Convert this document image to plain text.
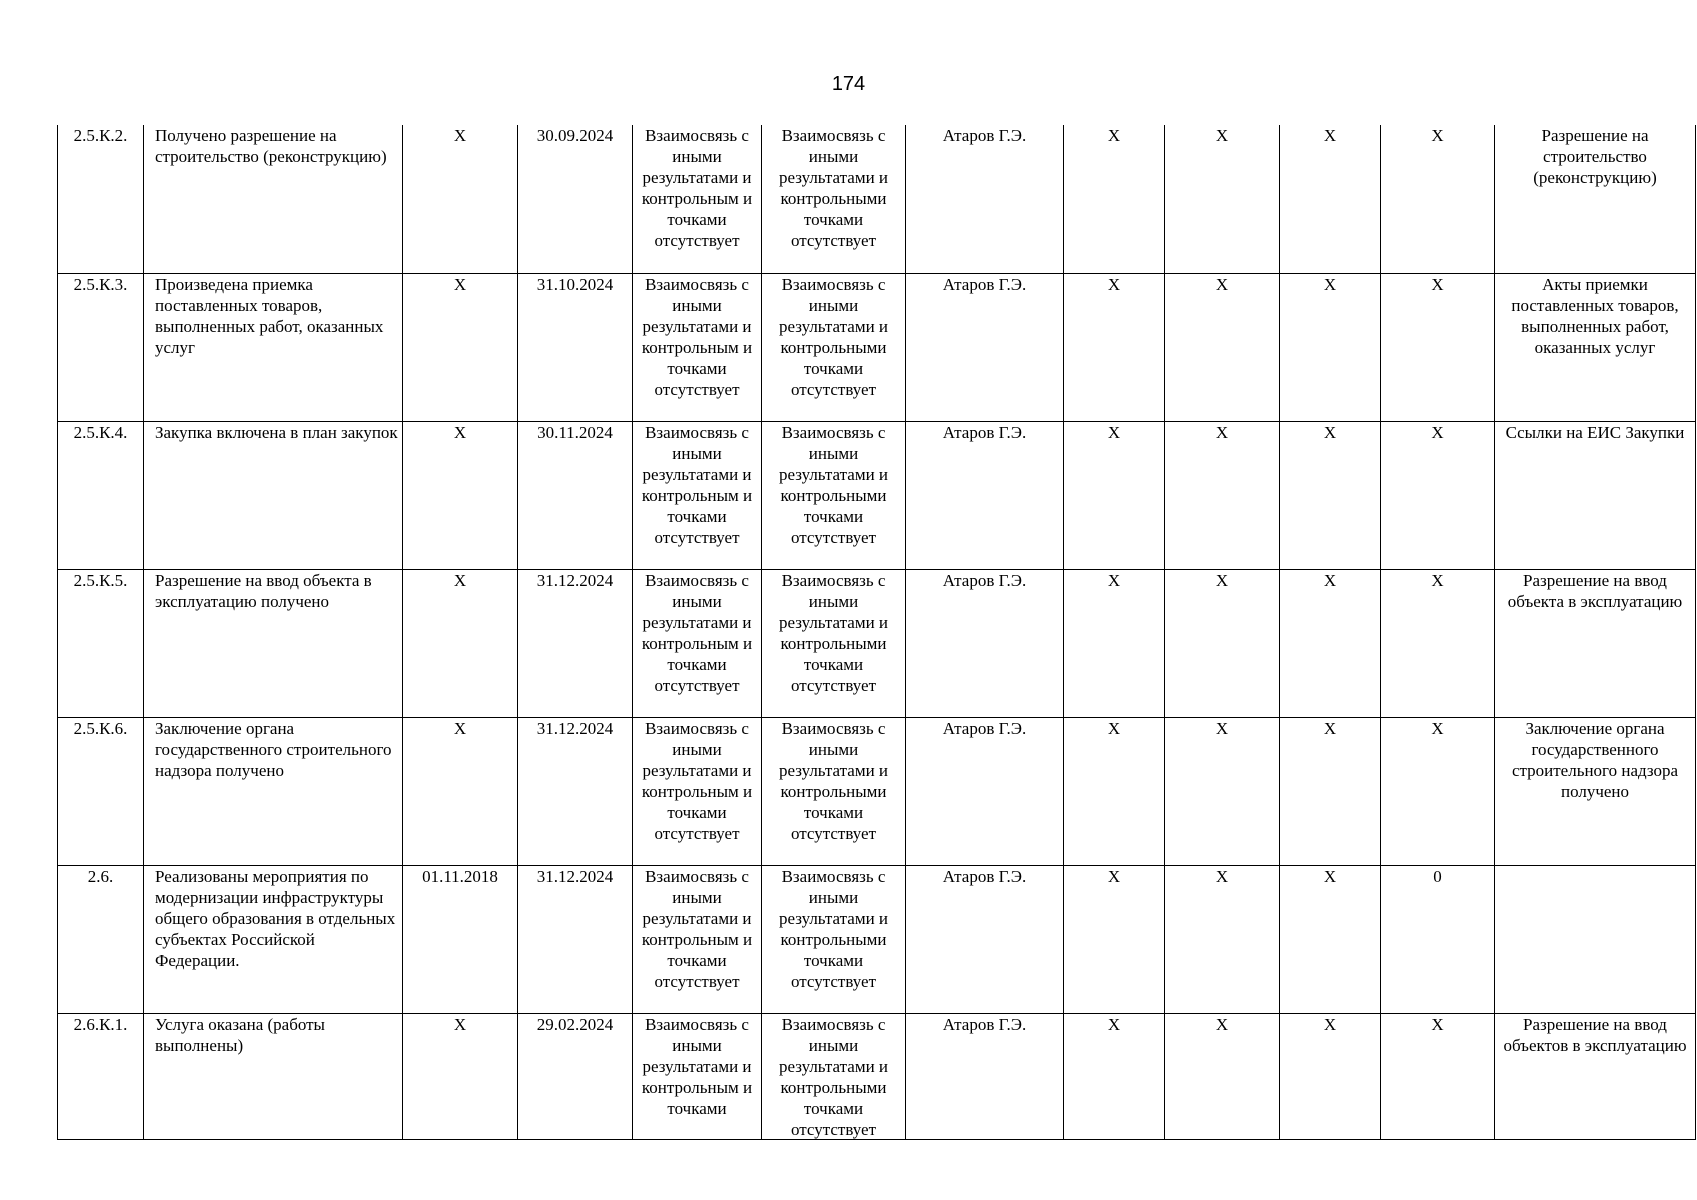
174
2.5.К.2.	Получено разрешение на строительство (реконструкцию)	X	30.09.2024	Взаимосвязь с иными результатами и контрольным и точками отсутствует	Взаимосвязь с иными результатами и контрольными точками отсутствует	Атаров Г.Э.	X	X	X	X	Разрешение на строительство (реконструкцию)

2.5.К.3.	Произведена приемка поставленных товаров, выполненных работ, оказанных услуг	X	31.10.2024	Взаимосвязь с иными результатами и контрольным и точками отсутствует	Взаимосвязь с иными результатами и контрольными точками отсутствует	Атаров Г.Э.	X	X	X	X	Акты приемки поставленных товаров, выполненных работ, оказанных услуг

2.5.К.4.	Закупка включена в план закупок	X	30.11.2024	Взаимосвязь с иными результатами и контрольным и точками отсутствует	Взаимосвязь с иными результатами и контрольными точками отсутствует	Атаров Г.Э.	X	X	X	X	Ссылки на ЕИС Закупки

2.5.К.5.	Разрешение на ввод объекта в эксплуатацию получено	X	31.12.2024	Взаимосвязь с иными результатами и контрольным и точками отсутствует	Взаимосвязь с иными результатами и контрольными точками отсутствует	Атаров Г.Э.	X	X	X	X	Разрешение на ввод объекта в эксплуатацию

2.5.К.6.	Заключение органа государственного строительного надзора получено	X	31.12.2024	Взаимосвязь с иными результатами и контрольным и точками отсутствует	Взаимосвязь с иными результатами и контрольными точками отсутствует	Атаров Г.Э.	X	X	X	X	Заключение органа государственного строительного надзора получено

2.6.	Реализованы мероприятия по модернизации инфраструктуры общего образования в отдельных субъектах Российской Федерации.	01.11.2018	31.12.2024	Взаимосвязь с иными результатами и контрольным и точками отсутствует	Взаимосвязь с иными результатами и контрольными точками отсутствует	Атаров Г.Э.	X	X	X	0	

2.6.К.1.	Услуга оказана (работы выполнены)	X	29.02.2024	Взаимосвязь с иными результатами и контрольным и точками	Взаимосвязь с иными результатами и контрольными точками отсутствует	Атаров Г.Э.	X	X	X	X	Разрешение на ввод объектов в эксплуатацию
